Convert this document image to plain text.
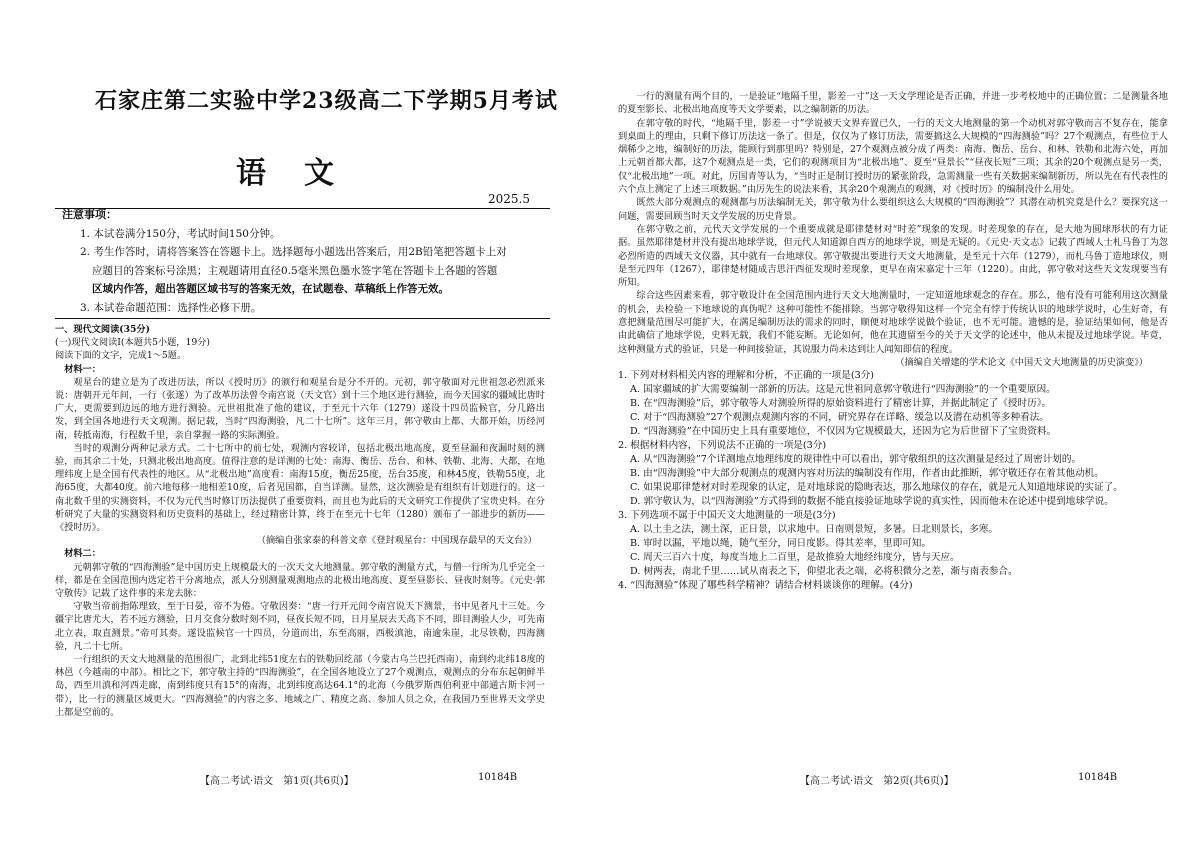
石家庄第二实验中学23级高二下学期5月考试
语文
2025.5

注意事项：

1. 本试卷满分150分，考试时间150分钟。

2. 考生作答时，请将答案答在答题卡上。选择题每小题选出答案后，用2B铅笔把答题卡上对

应题目的答案标号涂黑；主观题请用直径0.5毫米黑色墨水签字笔在答题卡上各题的答题

区域内作答，超出答题区域书写的答案无效，在试题卷、草稿纸上作答无效。

3. 本试卷命题范围：选择性必修下册。

一、现代文阅读(35分)

(一)现代文阅读Ⅰ(本题共5小题，19分)

阅读下面的文字，完成1～5题。

材料一：

观星台的建立是为了改进历法，所以《授时历》的颁行和观星台是分不开的。元初，郭守敬面对元世祖忽必烈派来说：唐朝开元年间，一行（张遂）为了改革历法曾令南宫说（天文官）到十三个地区进行测验，而今天国家的疆域比唐时广大，更需要到边远的地方进行测验。元世祖批准了他的建议，于至元十六年（1279）遂设十四员监候官，分几路出发，到全国各地进行天文观测。据记载，当时“四海测验，凡二十七所”。这年三月，郭守敬由上都、大都开始，历经河南，转抵南海，行程数千里，亲自掌握一路的实际测验。

当时的观测分两种记录方式。二十七所中的前七处，观测内容较详，包括北极出地高度，夏至昼漏和夜漏时刻的测验，而其余二十处，只测北极出地高度。值得注意的是详测的七处：南海、衡岳、岳台、和林、铁勒、北海、大都，在地理纬度上是全国有代表性的地区。从“北极出地”高度看：南海15度，衡岳25度，岳台35度，和林45度，铁勒55度，北海65度，大都40度。前六地每移一地相差10度，后者见国都，自当详测。显然，这次测验是有组织有计划进行的。这一南北数千里的实测资料，不仅为元代当时修订历法提供了重要资料，而且也为此后的天文研究工作提供了宝贵史料。在分析研究了大量的实测资料和历史资料的基础上，经过精密计算，终于在至元十七年（1280）颁布了一部进步的新历——《授时历》。

（摘编自张家泰的科普文章《登封观星台：中国现存最早的天文台》）

材料二：

元朝郭守敬的“四海测验”是中国历史上规模最大的一次天文大地测量。郭守敬的测量方式，与僧一行所为几乎完全一样，都是在全国范围内选定若干分离地点，派人分别测量观测地点的北极出地高度、夏至昼影长、昼夜时刻等。《元史·郭守敬传》记载了这件事的来龙去脉：

守敬当帝前指陈理致，至于日晏，帝不为倦。守敬因奏：“唐一行开元间令南宫说天下测景，书中见者凡十三处。今疆宇比唐尤大，若不远方测验，日月交食分数时刻不同，昼夜长短不同，日月星辰去天高下不同，即目测验人少，可先南北立表，取直测景。”帝可其奏。遂设监候官一十四员，分道而出，东至高丽，西极滇池，南逾朱崖，北尽铁勒，四海测验，凡二十七所。

一行组织的天文大地测量的范围很广，北到北纬51度左右的铁勒回纥部（今蒙古乌兰巴托西南），南到约北纬18度的林邑（今越南的中部）。相比之下，郭守敬主持的“四海测验”，在全国各地设立了27个观测点，观测点的分布东起朝鲜半岛，西至川滇和河西走廊，南到纬度只有15°的南海，北到纬度高达64.1°的北海（今俄罗斯西伯利亚中部通古斯卡河一带），比一行的测量区域更大。“四海测验”的内容之多、地域之广、精度之高、参加人员之众，在我国乃至世界天文学史上都是空前的。

【高二考试·语文　第1页(共6页)】	10184B

一行的测量有两个目的，一是验证“地隔千里，影差一寸”这一天文学理论是否正确，并进一步考校地中的正确位置；二是测量各地的夏至影长、北极出地高度等天文学要素，以之编制新的历法。

在郭守敬的时代，“地隔千里，影差一寸”学说被天文界弃置已久，一行的天文大地测量的第一个动机对郭守敬而言不复存在，能拿到桌面上的理由，只剩下修订历法这一条了。但是，仅仅为了修订历法，需要搞这么大规模的“四海测验”吗？27个观测点，有些位于人烟稀少之地，编制好的历法，能顾行到那里吗？特别是，27个观测点被分成了两类：南海、衡岳、岳台、和林、铁勒和北海六处，再加上元朝首都大都，这7个观测点是一类，它们的观测项目为“北极出地”、夏至“昼景长”“昼夜长短”三项；其余的20个观测点是另一类，仅“北极出地”一项。对此，厉国青等认为，“当时正是制订授时历的紧张阶段，急需测量一些有关数据来编制新历，所以先在有代表性的六个点上测定了上述三项数据。”由厉先生的说法来看，其余20个观测点的观测，对《授时历》的编制没什么用处。

既然大部分观测点的观测都与历法编制无关，郭守敬为什么要组织这么大规模的“四海测验”？其潜在动机究竟是什么？要探究这一问题，需要回顾当时天文学发展的历史背景。

在郭守敬之前，元代天文学发展的一个重要成就是耶律楚材对“时差”现象的发现。时差现象的存在，是大地为圆球形状的有力证据。虽然耶律楚材并没有提出地球学说，但元代人知道源自西方的地球学说，则是无疑的。《元史·天文志》记载了西域人士札马鲁丁为忽必烈所造的西域天文仪器，其中就有一台地球仪。郭守敬提出要进行天文大地测量，是至元十六年（1279），而札马鲁丁造地球仪，则是至元四年（1267），耶律楚材随成吉思汗西征发现时差现象，更早在南宋嘉定十三年（1220）。由此，郭守敬对这些天文发现要当有所知。

综合这些因素来看，郭守敬设计在全国范围内进行天文大地测量时，一定知道地球观念的存在。那么，他有没有可能利用这次测量的机会，去检验一下地球说的真伪呢？这种可能性不能排除。当郭守敬得知这样一个完全有悖于传统认识的地球学说时，心生好奇，有意把测量范围尽可能扩大，在满足编制历法的需求的同时，顺便对地球学说做个验证，也不无可能。遗憾的是，验证结果如何，他是否由此确信了地球学说，史料无载，我们不能妄断。无论如何，他在其遗留至今的关于天文学的论述中，他从未提及过地球学说。毕竟，这种测量方式的验证，只是一种间接验证，其说服力尚未达到让人闻知即信的程度。

（摘编自关增建的学术论文《中国天文大地测量的历史演变》）

1. 下列对材料相关内容的理解和分析，不正确的一项是(3分)

A. 国家疆域的扩大需要编制一部新的历法。这是元世祖同意郭守敬进行“四海测验”的一个重要原因。

B. 在“四海测验”后，郭守敬等人对测验所得的原始资料进行了精密计算，并据此制定了《授时历》。

C. 对于“四海测验”27个观测点观测内容的不同，研究界存在详略、缓急以及潜在动机等多种看法。

D. “四海测验”在中国历史上具有重要地位，不仅因为它规模最大，还因为它为后世留下了宝贵资料。

2. 根据材料内容，下列说法不正确的一项是(3分)

A. 从“四海测验”7个详测地点地理纬度的规律性中可以看出，郭守敬组织的这次测量是经过了周密计划的。

B. 由“四海测验”中大部分观测点的观测内容对历法的编制没有作用，作者由此推断，郭守敬还存在着其他动机。

C. 如果说耶律楚材对时差现象的认定，是对地球说的隐晦表达，那么地球仪的存在，就是元人知道地球说的实证了。

D. 郭守敬认为，以“四海测验”方式得到的数据不能直接验证地球学说的真实性，因而他未在论述中提到地球学说。

3. 下列选项不属于中国天文大地测量的一项是(3分)

A. 以土圭之法，测土深，正日景，以求地中。日南则景短，多暑。日北则景长，多寒。

B. 审时以漏，平地以绳，随气至分，同日度影。得其差率，里即可知。

C. 周天三百六十度，每度当地上二百里，是故推验大地经纬度分，皆与天应。

D. 树两表，南北千里……试从南表之下，仰望北表之端，必将积微分之差，渐与南表参合。

4. “四海测验”体现了哪些科学精神？请结合材料谈谈你的理解。(4分)

【高二考试·语文　第2页(共6页)】	10184B
